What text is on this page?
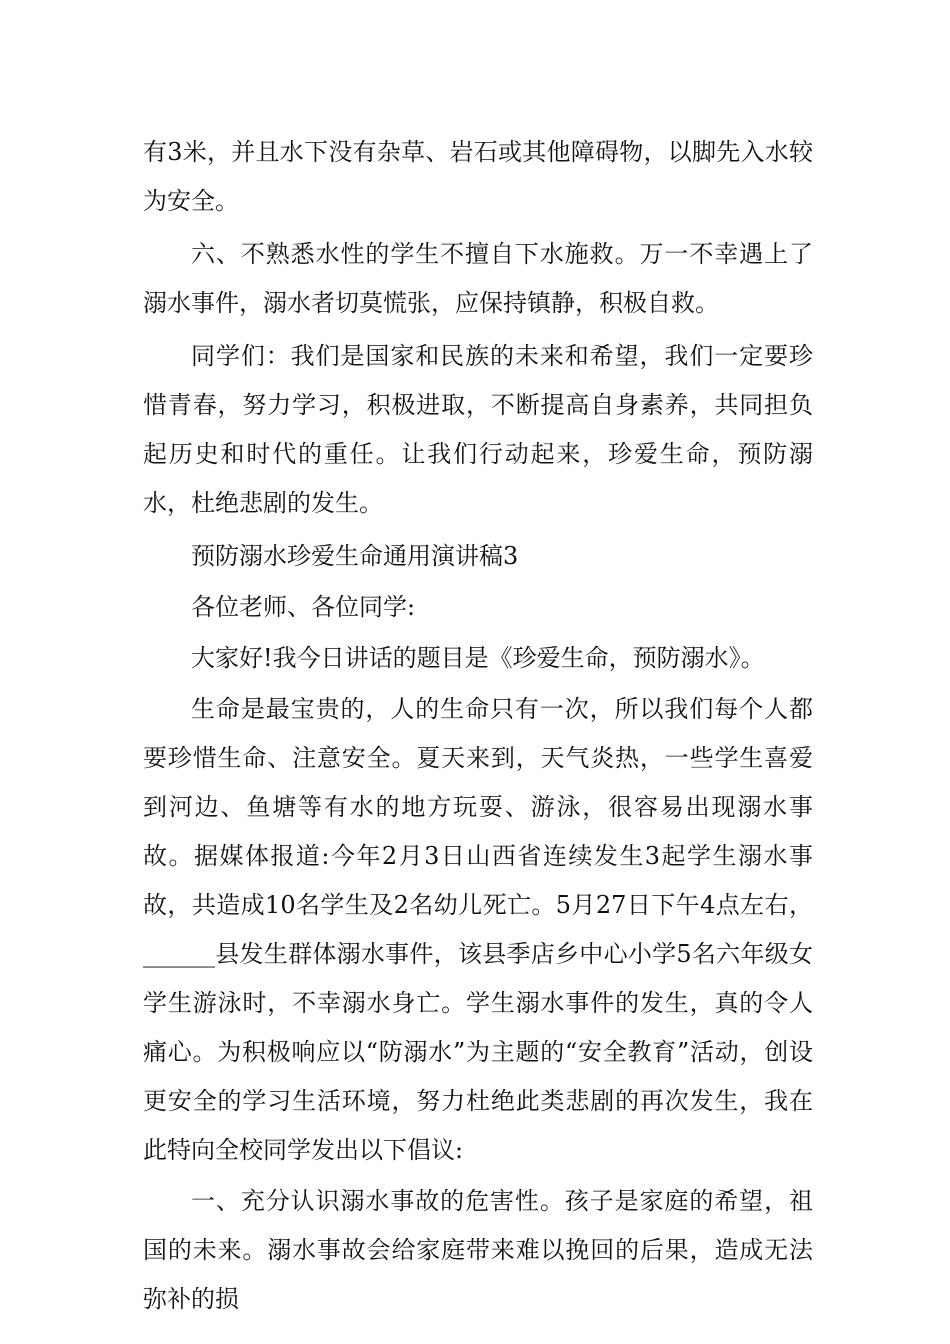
有3米，并且水下没有杂草、岩石或其他障碍物，以脚先入水较为安全。

六、不熟悉水性的学生不擅自下水施救。万一不幸遇上了溺水事件，溺水者切莫慌张，应保持镇静，积极自救。

同学们：我们是国家和民族的未来和希望，我们一定要珍惜青春，努力学习，积极进取，不断提高自身素养，共同担负起历史和时代的重任。让我们行动起来，珍爱生命，预防溺水，杜绝悲剧的发生。

预防溺水珍爱生命通用演讲稿3

各位老师、各位同学:

大家好!我今日讲话的题目是《珍爱生命，预防溺水》。

生命是最宝贵的，人的生命只有一次，所以我们每个人都要珍惜生命、注意安全。夏天来到，天气炎热，一些学生喜爱到河边、鱼塘等有水的地方玩耍、游泳，很容易出现溺水事故。据媒体报道:今年2月3日山西省连续发生3起学生溺水事故，共造成10名学生及2名幼儿死亡。5月27日下午4点左右，______县发生群体溺水事件，该县季店乡中心小学5名六年级女学生游泳时，不幸溺水身亡。学生溺水事件的发生，真的令人痛心。为积极响应以“防溺水”为主题的“安全教育”活动，创设更安全的学习生活环境，努力杜绝此类悲剧的再次发生，我在此特向全校同学发出以下倡议:

一、充分认识溺水事故的危害性。孩子是家庭的希望，祖国的未来。溺水事故会给家庭带来难以挽回的后果，造成无法弥补的损
